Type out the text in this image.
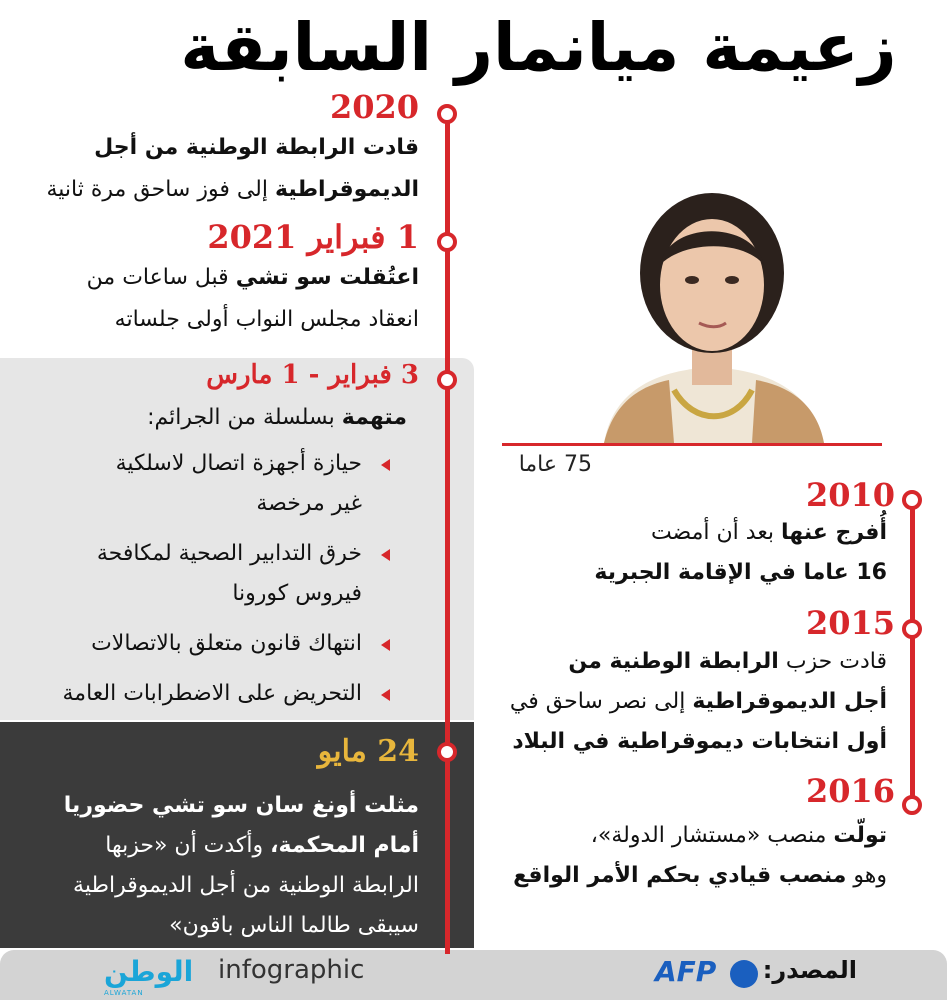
زعيمة ميانمار السابقة
2020
قادت الرابطة الوطنية من أجل
الديموقراطية إلى فوز ساحق مرة ثانية
1 فبراير 2021
اعتُقلت سو تشي قبل ساعات من
انعقاد مجلس النواب أولى جلساته
3 فبراير - 1 مارس
متهمة بسلسلة من الجرائم:
حيازة أجهزة اتصال لاسلكية
غير مرخصة
خرق التدابير الصحية لمكافحة
فيروس كورونا
انتهاك قانون متعلق بالاتصالات
التحريض على الاضطرابات العامة
24 مايو
مثلت أونغ سان سو تشي حضوريا
أمام المحكمة، وأكدت أن «حزبها
الرابطة الوطنية من أجل الديموقراطية
سيبقى طالما الناس باقون»
75 عاما
2010
أُفرج عنها بعد أن أمضت
16 عاما في الإقامة الجبرية
2015
قادت حزب الرابطة الوطنية من
أجل الديموقراطية إلى نصر ساحق في
أول انتخابات ديموقراطية في البلاد
2016
تولّت منصب «مستشار الدولة»،
وهو منصب قيادي بحكم الأمر الواقع
الوطن
ALWATAN
infographic	AFP المصدر:
